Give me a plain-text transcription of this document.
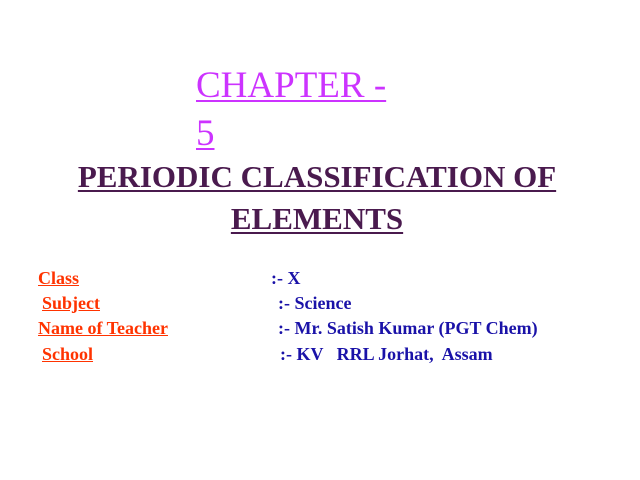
CHAPTER -
5
PERIODIC CLASSIFICATION OF
ELEMENTS
Class	:- X
Subject	:- Science
Name of Teacher	:- Mr. Satish Kumar (PGT Chem)
School	:- KV   RRL Jorhat,  Assam
